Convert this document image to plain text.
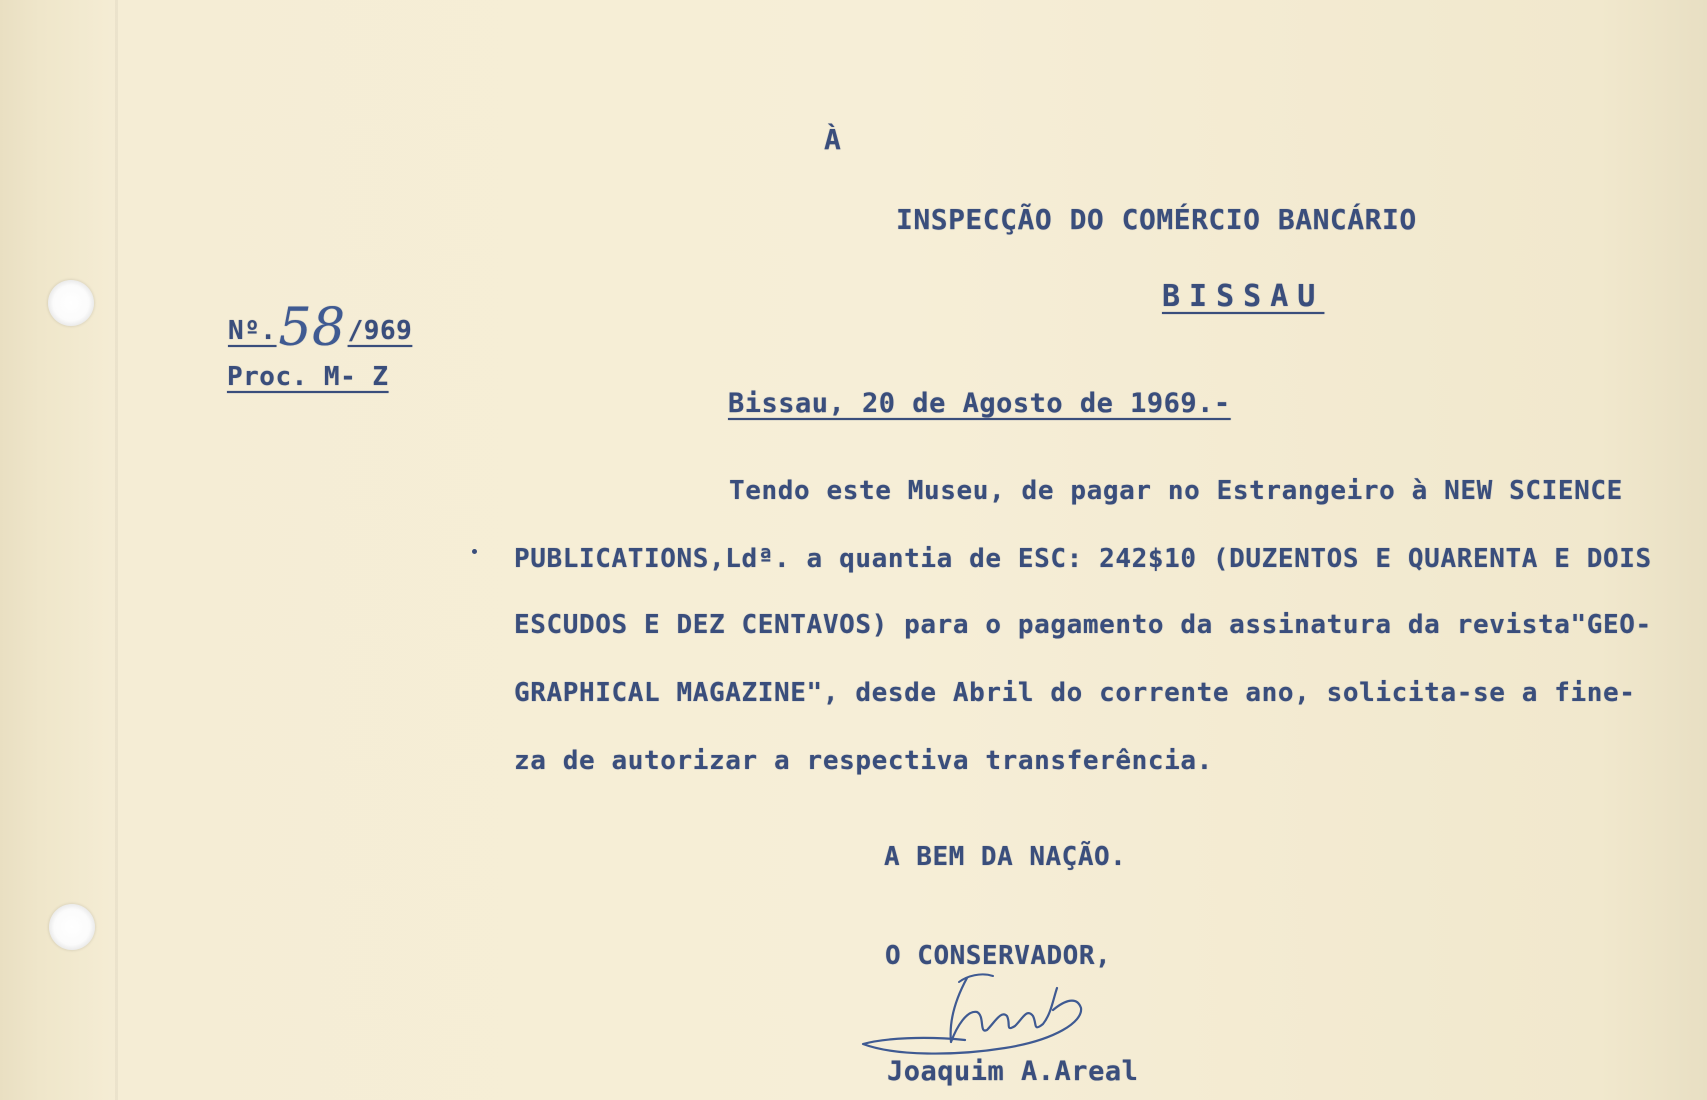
À
INSPECÇÃO DO COMÉRCIO BANCÁRIO
BISSAU
Nº.58/969
Proc. M- Z
Bissau, 20 de Agosto de 1969.-
Tendo este Museu, de pagar no Estrangeiro à NEW SCIENCE
PUBLICATIONS,Ldª. a quantia de ESC: 242$10 (DUZENTOS E QUARENTA E DOIS
ESCUDOS E DEZ CENTAVOS) para o pagamento da assinatura da revista"GEO-
GRAPHICAL MAGAZINE", desde Abril do corrente ano, solicita-se a fine-
za de autorizar a respectiva transferência.
A BEM DA NAÇÃO.
O CONSERVADOR,
Joaquim A.Areal
